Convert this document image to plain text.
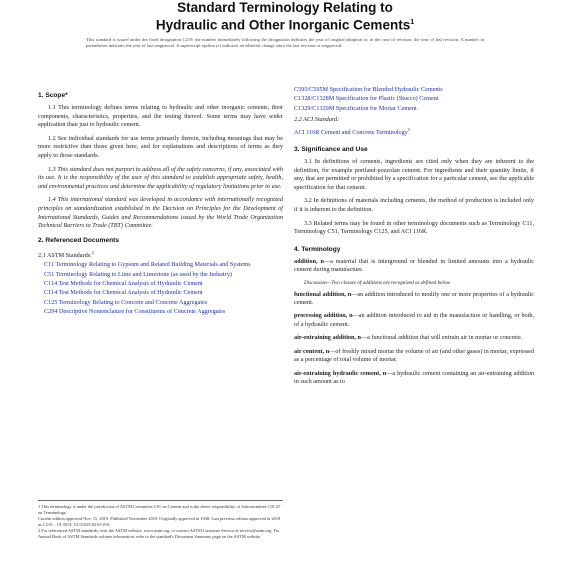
Standard Terminology Relating to
Hydraulic and Other Inorganic Cements$^1$
This standard is issued under the fixed designation C219; the number immediately following the designation indicates the year of original adoption or, in the case of revision, the year of last revision. A number in parentheses indicates the year of last reapproval. A superscript epsilon (ε) indicates an editorial change since the last revision or reapproval.
1. Scope*

1.1 This terminology defines terms relating to hydraulic and other inorganic cements, their components, characteristics, properties, and the testing thereof. Some terms may have wider application than just to hydraulic cement.

1.2 See individual standards for use terms primarily therein, including meanings that may be more restrictive than those given here, and for explanations and descriptions of terms as they apply to those standards.

1.3 This standard does not purport to address all of the safety concerns, if any, associated with its use. It is the responsibility of the user of this standard to establish appropriate safety, health, and environmental practices and determine the applicability of regulatory limitations prior to use.

1.4 This international standard was developed in accordance with internationally recognized principles on standardization established in the Decision on Principles for the Development of International Standards, Guides and Recommendations issued by the World Trade Organization Technical Barriers to Trade (TBT) Committee.

2. Referenced Documents
2.1 ASTM Standards:$^2$
C11 Terminology Relating to Gypsum and Related Building Materials and Systems
C51 Terminology Relating to Lime and Limestone (as used by the Industry)
C114 Test Methods for Chemical Analysis of Hydraulic Cement
C114 Test Methods for Chemical Analysis of Hydraulic Cement
C125 Terminology Relating to Concrete and Concrete Aggregates
C294 Descriptive Nomenclature for Constituents of Concrete Aggregates
C595/C595M Specification for Blended Hydraulic Cements
C1328/C1328M Specification for Plastic (Stucco) Cement
C1329/C1329M Specification for Mortar Cement
2.2 ACI Standard:
ACI 116R Cement and Concrete Terminology$^3$
3. Significance and Use

3.1 In definitions of cements, ingredients are cited only when they are inherent to the definition, for example portland-pozzolan cement. For ingredients and their quantity limits, if any, that are permitted or prohibited by a specification for a particular cement, see the applicable specification for that cement.

3.2 In definitions of materials including cements, the method of production is included only if it is inherent to the definition.

3.3 Related terms may be found in other terminology documents such as Terminology C11, Terminology C51, Terminology C125, and ACI 116R.

4. Terminology

addition, n—a material that is interground or blended in limited amounts into a hydraulic cement during manufacture.

Discussion—Two classes of additions are recognized as defined below.

functional addition, n—an addition introduced to modify one or more properties of a hydraulic cement.

processing addition, n—an addition introduced to aid in the manufacture or handling, or both, of a hydraulic cement.

air-entraining addition, n—a functional addition that will entrain air in mortar or concrete.

air content, n—of freshly mixed mortar the volume of air (and other gases) in mortar, expressed as a percentage of total volume of mortar.

air-entraining hydraulic cement, n—a hydraulic cement containing an air-entraining addition in such amount as to

1 This terminology is under the jurisdiction of ASTM Committee C01 on Cement and is the direct responsibility of Subcommittee C01.07 on Terminology.

Current edition approved Nov. 15, 2019. Published November 2019. Originally approved in 1948. Last previous edition approved in 2019 as C219 – 19. DOI: 10.1520/C0219-19A.

2 For referenced ASTM standards, visit the ASTM website, www.astm.org, or contact ASTM Customer Service at service@astm.org. For Annual Book of ASTM Standards volume information, refer to the standard's Document Summary page on the ASTM website.
